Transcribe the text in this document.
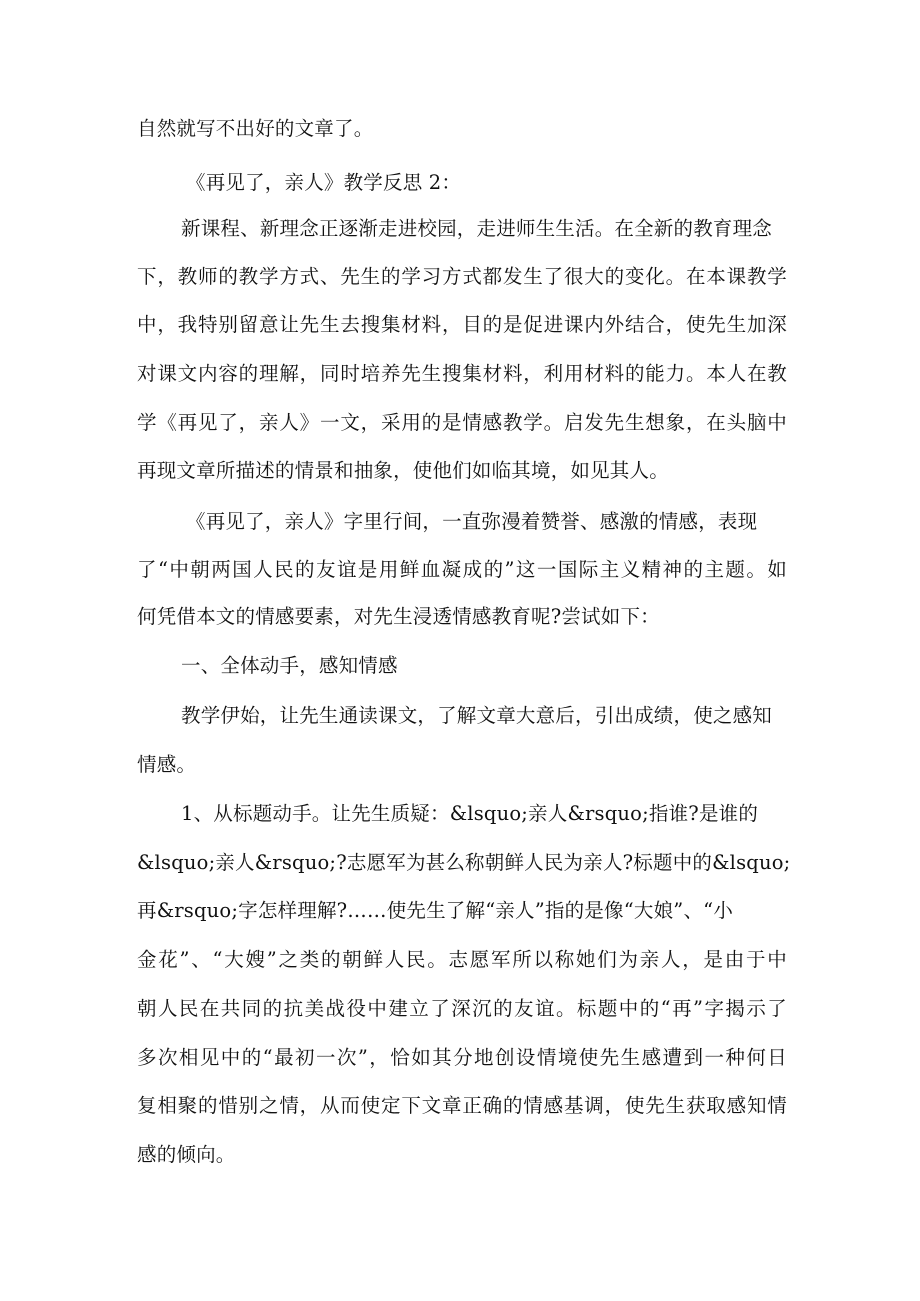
自然就写不出好的文章了。
《再见了，亲人》教学反思 2：
新课程、新理念正逐渐走进校园，走进师生生活。在全新的教育理念
下，教师的教学方式、先生的学习方式都发生了很大的变化。在本课教学
中，我特别留意让先生去搜集材料，目的是促进课内外结合，使先生加深
对课文内容的理解，同时培养先生搜集材料，利用材料的能力。本人在教
学《再见了，亲人》一文，采用的是情感教学。启发先生想象，在头脑中
再现文章所描述的情景和抽象，使他们如临其境，如见其人。
《再见了，亲人》字里行间，一直弥漫着赞誉、感激的情感，表现
了“中朝两国人民的友谊是用鲜血凝成的”这一国际主义精神的主题。如
何凭借本文的情感要素，对先生浸透情感教育呢?尝试如下：
一、全体动手，感知情感
教学伊始，让先生通读课文，了解文章大意后，引出成绩，使之感知
情感。
1、从标题动手。让先生质疑：&lsquo;亲人&rsquo;指谁?是谁的
&lsquo;亲人&rsquo;?志愿军为甚么称朝鲜人民为亲人?标题中的&lsquo;
再&rsquo;字怎样理解?……使先生了解“亲人”指的是像“大娘”、“小
金花”、“大嫂”之类的朝鲜人民。志愿军所以称她们为亲人，是由于中
朝人民在共同的抗美战役中建立了深沉的友谊。标题中的“再”字揭示了
多次相见中的“最初一次”，恰如其分地创设情境使先生感遭到一种何日
复相聚的惜别之情，从而使定下文章正确的情感基调，使先生获取感知情
感的倾向。
